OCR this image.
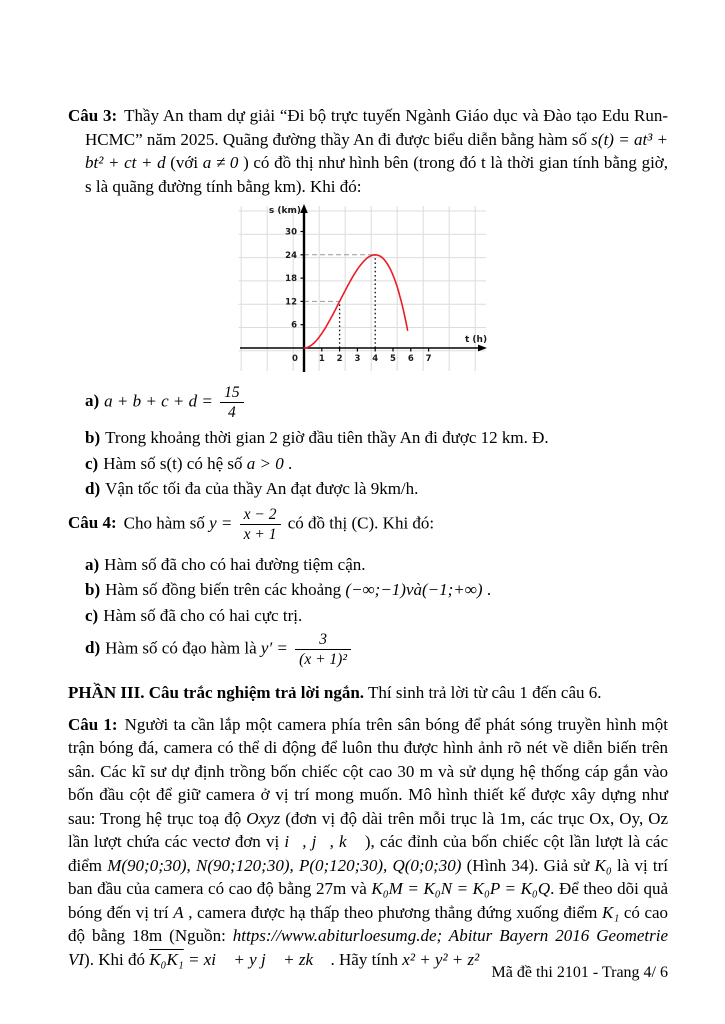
Câu 3: Thầy An tham dự giải “Đi bộ trực tuyến Ngành Giáo dục và Đào tạo Edu Run-HCMC” năm 2025. Quãng đường thầy An đi được biểu diễn bằng hàm số s(t) = at³ + bt² + ct + d (với a ≠ 0 ) có đồ thị như hình bên (trong đó t là thời gian tính bằng giờ, s là quãng đường tính bằng km). Khi đó:

0 1 2 3 4 5 6 7
6
12
18
24
30
s (km)
t (h)

a) $a + b + c + d = \frac{15}{4}$

b) Trong khoảng thời gian 2 giờ đầu tiên thầy An đi được 12 km. Đ.

c) Hàm số s(t) có hệ số a > 0 .

d) Vận tốc tối đa của thầy An đạt được là 9km/h.

Câu 4: Cho hàm số $y = \frac{x - 2}{x + 1}$ có đồ thị (C). Khi đó:

a) Hàm số đã cho có hai đường tiệm cận.

b) Hàm số đồng biến trên các khoảng (−∞;−1)và(−1;+∞) .

c) Hàm số đã cho có hai cực trị.

d) Hàm số có đạo hàm là $y' = \frac{3}{\text{(x + 1)²}}$

PHẦN III. Câu trắc nghiệm trả lời ngắn. Thí sinh trả lời từ câu 1 đến câu 6.

Câu 1: Người ta cần lắp một camera phía trên sân bóng để phát sóng truyền hình một trận bóng đá, camera có thể di động để luôn thu được hình ảnh rõ nét về diễn biến trên sân. Các kĩ sư dự định trồng bốn chiếc cột cao 30 m và sử dụng hệ thống cáp gắn vào bốn đầu cột để giữ camera ở vị trí mong muốn. Mô hình thiết kế được xây dựng như sau: Trong hệ trục toạ độ Oxyz (đơn vị độ dài trên mỗi trục là 1m, các trục Ox, Oy, Oz lần lượt chứa các vectơ đơn vị i⃗, j⃗, k⃗ ), các đỉnh của bốn chiếc cột lần lượt là các điểm M(90;0;30), N(90;120;30), P(0;120;30), Q(0;0;30) (Hình 34). Giả sử K₀ là vị trí ban đầu của camera có cao độ bằng 27m và K₀M = K₀N = K₀P = K₀Q. Để theo dõi quả bóng đến vị trí A , camera được hạ thấp theo phương thẳng đứng xuống điểm K₁ có cao độ bằng 18m (Nguồn: https://www.abiturloesumg.de; Abitur Bayern 2016 Geometrie VI). Khi đó K₀K₁ = xi⃗ + y j⃗ + zk⃗ . Hãy tính x² + y² + z²

Mã đề thi 2101 - Trang 4/ 6
